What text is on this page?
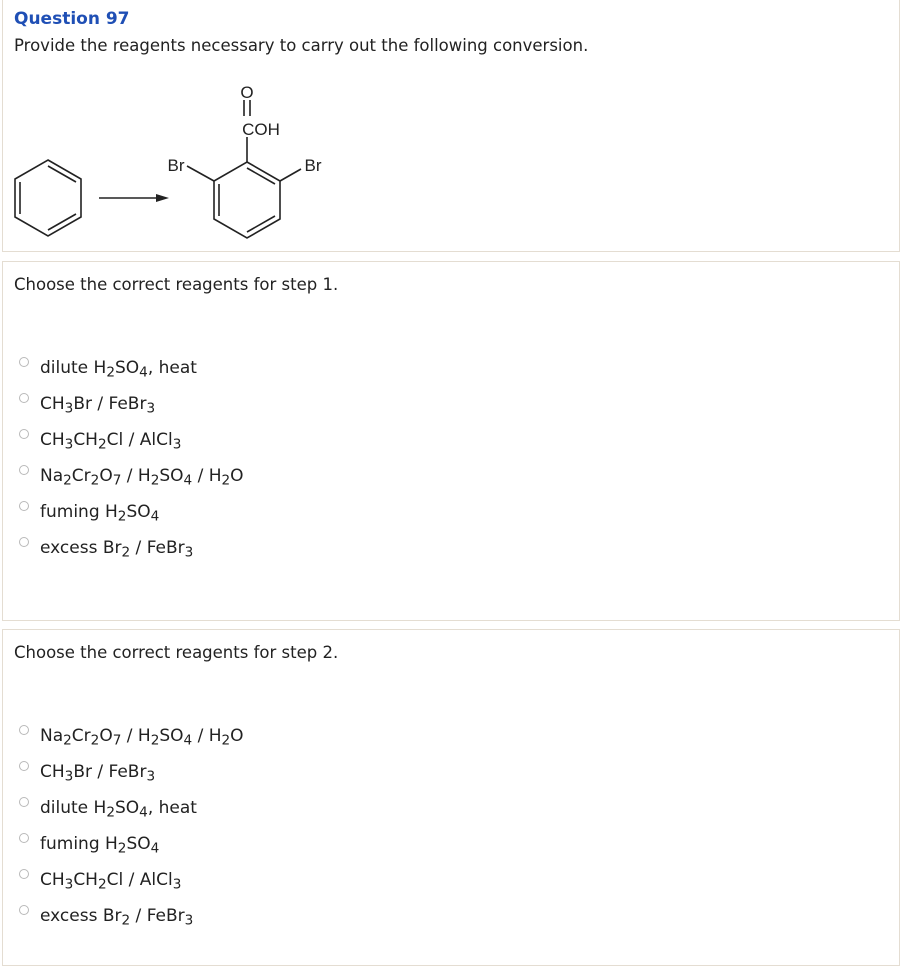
Question 97

Provide the reagents necessary to carry out the following conversion.

O
COH
Br	Br

Choose the correct reagents for step 1.

dilute $H_2SO_4$, heat
$CH_3Br$ / FeBr$_3$
$CH_3CH_2Cl$ / AlCl$_3$
$Na_2Cr_2O_7 / H_2SO_4 / H_2O$
fuming $H_2SO_4$
excess $Br_2$ / FeBr$_3$

Choose the correct reagents for step 2.

$Na_2Cr_2O_7 / H_2SO_4 / H_2O$
$CH_3Br$ / FeBr$_3$
dilute $H_2SO_4$, heat
fuming $H_2SO_4$
$CH_3CH_2Cl$ / AlCl$_3$
excess $Br_2$ / FeBr$_3$
